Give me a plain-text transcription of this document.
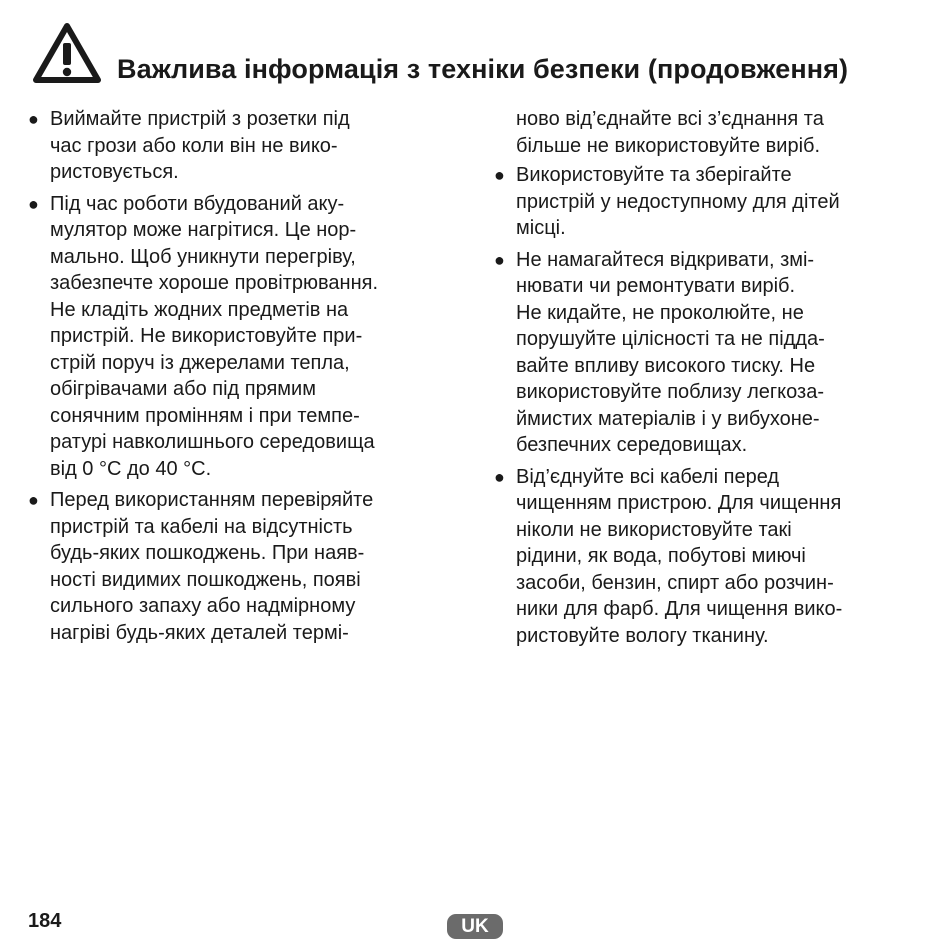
Важлива інформація з техніки безпеки (продовження)
● Виймайте пристрій з розетки під

час грози або коли він не вико-

ристовується.

● Під час роботи вбудований аку-

мулятор може нагрітися. Це нор-

мально. Щоб уникнути перегріву,

забезпечте хороше провітрювання.

Не кладіть жодних предметів на

пристрій. Не використовуйте при-

стрій поруч із джерелами тепла,

обігрівачами або під прямим

сонячним промінням і при темпе-

ратурі навколишнього середовища

від 0 °C до 40 °C.

● Перед використанням перевіряйте

пристрій та кабелі на відсутність

будь-яких пошкоджень. При наяв-

ності видимих пошкоджень, появі

сильного запаху або надмірному

нагріві будь-яких деталей термі-

ново від’єднайте всі з’єднання та

більше не використовуйте виріб.

● Використовуйте та зберігайте

пристрій у недоступному для дітей

місці.

● Не намагайтеся відкривати, змі-

нювати чи ремонтувати виріб.

Не кидайте, не проколюйте, не

порушуйте цілісності та не підда-

вайте впливу високого тиску. Не

використовуйте поблизу легкоза-

ймистих матеріалів і у вибухоне-

безпечних середовищах.

● Від’єднуйте всі кабелі перед

чищенням пристрою. Для чищення

ніколи не використовуйте такі

рідини, як вода, побутові миючі

засоби, бензин, спирт або розчин-

ники для фарб. Для чищення вико-

ристовуйте вологу тканину.

184	UK
